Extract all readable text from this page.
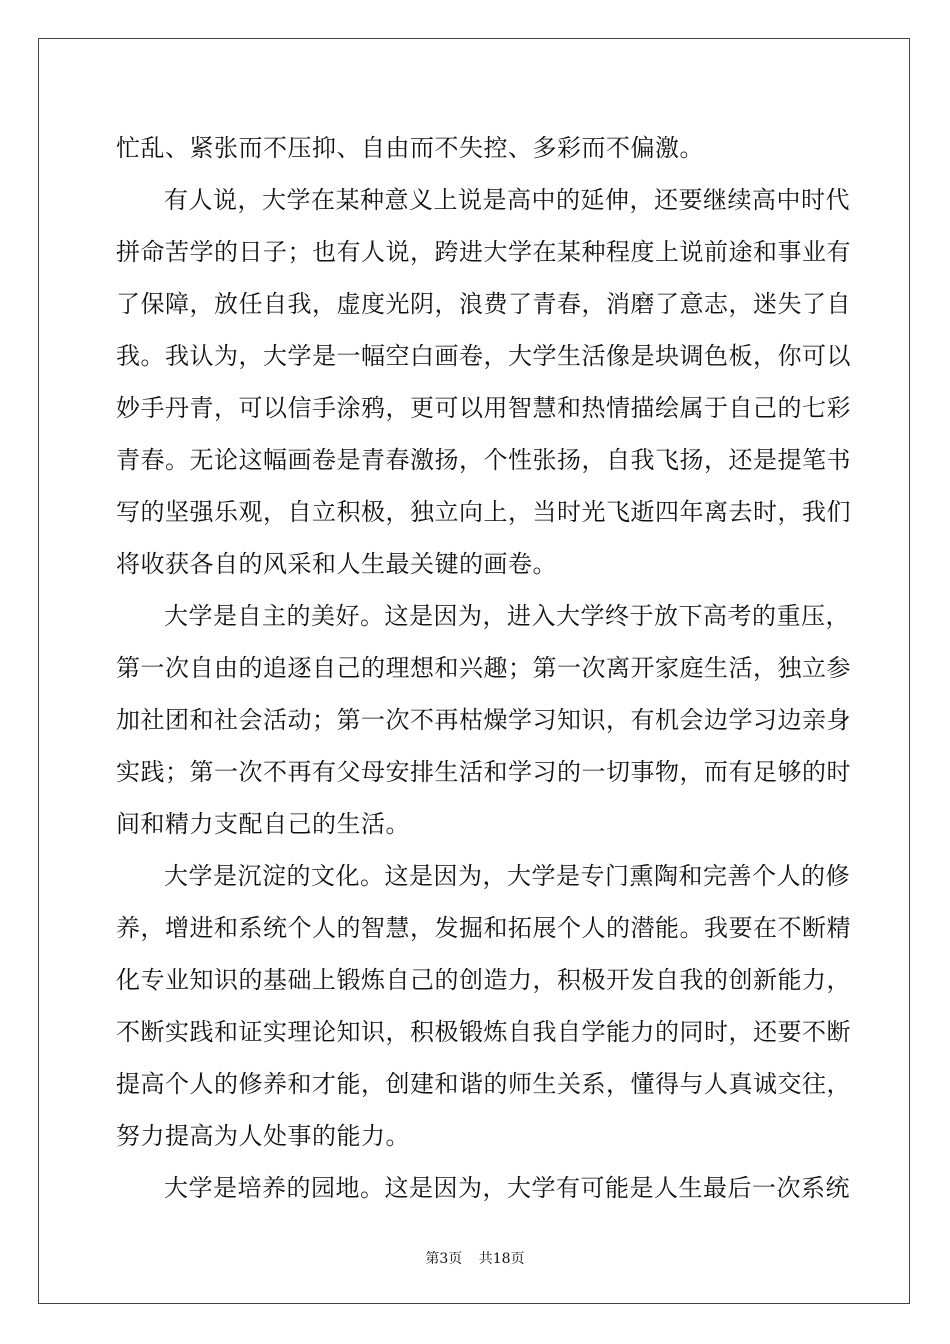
忙乱、紧张而不压抑、自由而不失控、多彩而不偏激。
有人说，大学在某种意义上说是高中的延伸，还要继续高中时代
拼命苦学的日子；也有人说，跨进大学在某种程度上说前途和事业有
了保障，放任自我，虚度光阴，浪费了青春，消磨了意志，迷失了自
我。我认为，大学是一幅空白画卷，大学生活像是块调色板，你可以
妙手丹青，可以信手涂鸦，更可以用智慧和热情描绘属于自己的七彩
青春。无论这幅画卷是青春激扬，个性张扬，自我飞扬，还是提笔书
写的坚强乐观，自立积极，独立向上，当时光飞逝四年离去时，我们
将收获各自的风采和人生最关键的画卷。
大学是自主的美好。这是因为，进入大学终于放下高考的重压，
第一次自由的追逐自己的理想和兴趣；第一次离开家庭生活，独立参
加社团和社会活动；第一次不再枯燥学习知识，有机会边学习边亲身
实践；第一次不再有父母安排生活和学习的一切事物，而有足够的时
间和精力支配自己的生活。
大学是沉淀的文化。这是因为，大学是专门熏陶和完善个人的修
养，增进和系统个人的智慧，发掘和拓展个人的潜能。我要在不断精
化专业知识的基础上锻炼自己的创造力，积极开发自我的创新能力，
不断实践和证实理论知识，积极锻炼自我自学能力的同时，还要不断
提高个人的修养和才能，创建和谐的师生关系，懂得与人真诚交往，
努力提高为人处事的能力。
大学是培养的园地。这是因为，大学有可能是人生最后一次系统
第3页 共18页
